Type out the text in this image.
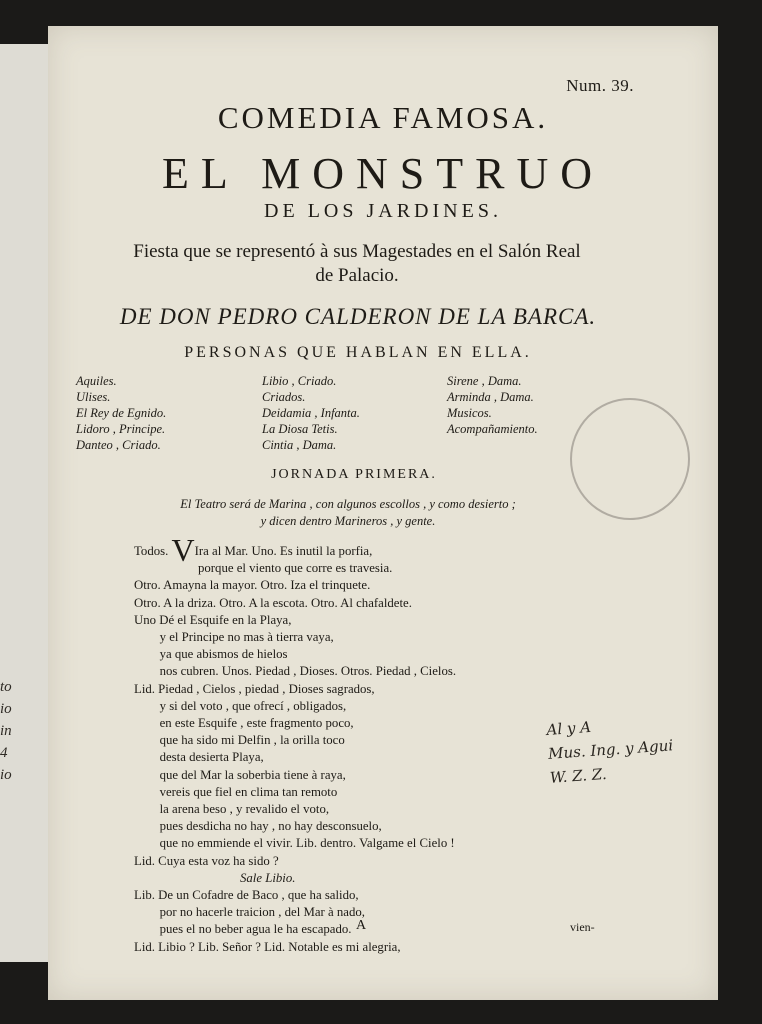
to
io
in
4
io
Num. 39.
COMEDIA FAMOSA.
EL MONSTRUO
DE LOS JARDINES.
Fiesta que se representó à sus Magestades en el Salón Real
de Palacio.
DE DON PEDRO CALDERON DE LA BARCA.
PERSONAS QUE HABLAN EN ELLA.
Aquiles.
Ulises.
El Rey de Egnido.
Lidoro , Principe.
Danteo , Criado.
Libio , Criado.
Criados.
Deidamia , Infanta.
La Diosa Tetis.
Cintia , Dama.
Sirene , Dama.
Arminda , Dama.
Musicos.
Acompañamiento.
JORNADA PRIMERA.
El Teatro será de Marina , con algunos escollos , y como desierto ;
y dicen dentro Marineros , y gente.
Todos. VIra al Mar. Uno. Es inutil la porfia,
porque el viento que corre es travesia.
Otro. Amayna la mayor. Otro. Iza el trinquete.
Otro. A la driza. Otro. A la escota. Otro. Al chafaldete.
Uno Dé el Esquife en la Playa,
y el Principe no mas à tierra vaya,
ya que abismos de hielos
nos cubren. Unos. Piedad , Dioses. Otros. Piedad , Cielos.
Lid. Piedad , Cielos , piedad , Dioses sagrados,
y si del voto , que ofrecí , obligados,
en este Esquife , este fragmento poco,
que ha sido mi Delfin , la orilla toco
desta desierta Playa,
que del Mar la soberbia tiene à raya,
vereis que fiel en clima tan remoto
la arena beso , y revalido el voto,
pues desdicha no hay , no hay desconsuelo,
que no emmiende el vivir. Lib. dentro. Valgame el Cielo !
Lid. Cuya esta voz ha sido ?
Sale Libio.
Lib. De un Cofadre de Baco , que ha salido,
por no hacerle traicion , del Mar à nado,
pues el no beber agua le ha escapado.
Lid. Libio ? Lib. Señor ? Lid. Notable es mi alegria,
Al y A
Mus. Ing. y Agui
W. Z. Z.
A	vien-
